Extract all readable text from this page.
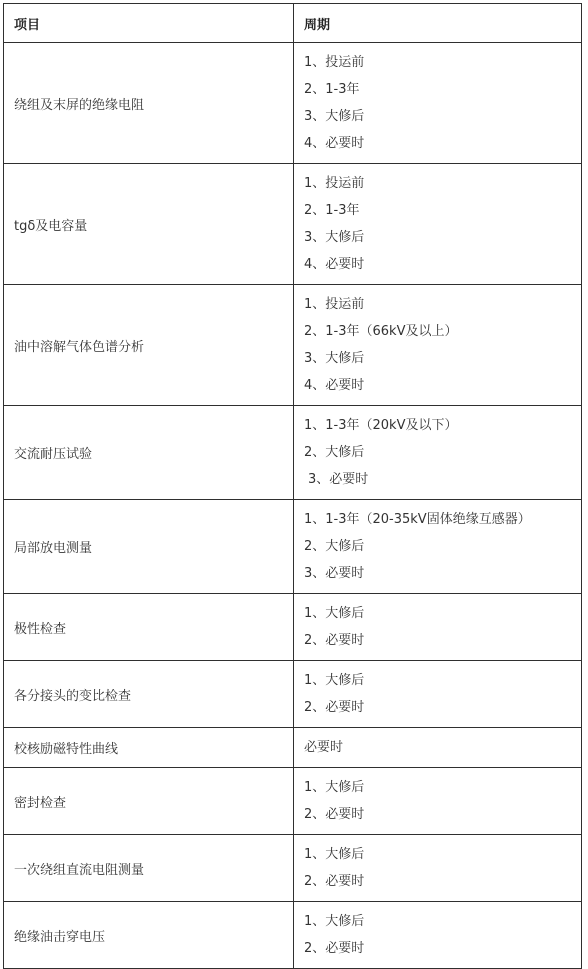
项目	周期
绕组及末屏的绝缘电阻	1、投运前
2、1-3年
3、大修后
4、必要时

tgδ及电容量	1、投运前
2、1-3年
3、大修后
4、必要时

油中溶解气体色谱分析	1、投运前
2、1-3年（66kV及以上）
3、大修后
4、必要时

交流耐压试验	1、1-3年（20kV及以下）
2、大修后
3、必要时

局部放电测量	1、1-3年（20-35kV固体绝缘互感器）
2、大修后
3、必要时

极性检查	1、大修后
2、必要时

各分接头的变比检查	1、大修后
2、必要时

校核励磁特性曲线	必要时

密封检查	1、大修后
2、必要时

一次绕组直流电阻测量	1、大修后
2、必要时

绝缘油击穿电压	1、大修后
2、必要时
